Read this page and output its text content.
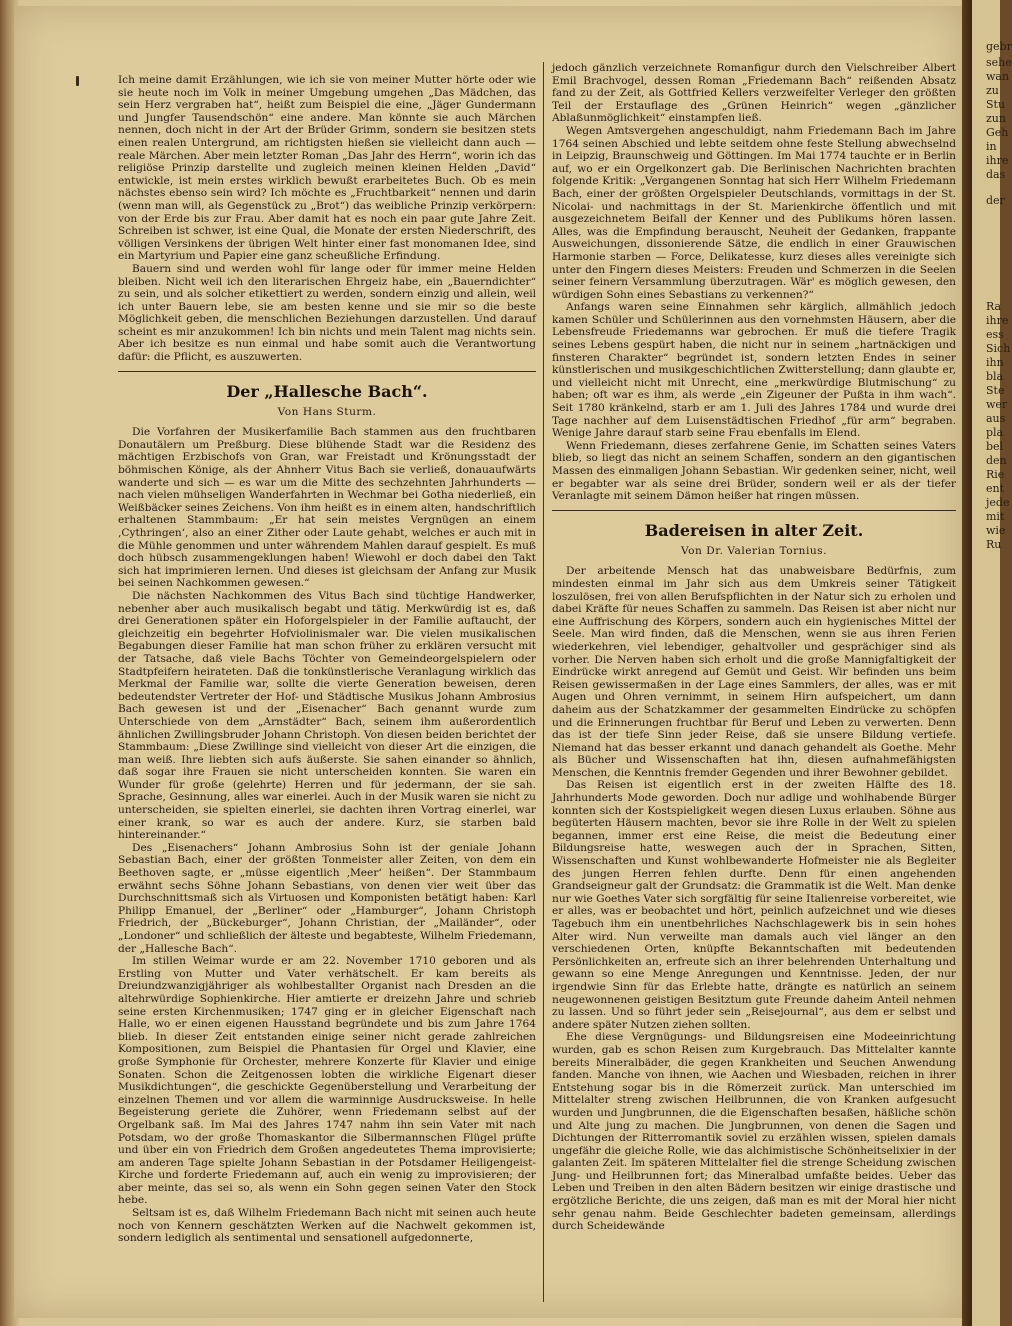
Ich meine damit Erzählungen, wie ich sie von meiner Mutter hörte oder wie sie heute noch im Volk in meiner Umgebung umgehen „Das Mädchen, das sein Herz vergraben hat“, heißt zum Beispiel die eine, „Jäger Gundermann und Jungfer Tausendschön“ eine andere. Man könnte sie auch Märchen nennen, doch nicht in der Art der Brüder Grimm, sondern sie besitzen stets einen realen Untergrund, am richtigsten hießen sie vielleicht dann auch — reale Märchen. Aber mein letzter Roman „Das Jahr des Herrn“, worin ich das religiöse Prinzip darstellte und zugleich meinen kleinen Helden „David“ entwickle, ist mein erstes wirklich bewußt erarbeitetes Buch. Ob es mein nächstes ebenso sein wird? Ich möchte es „Fruchtbarkeit“ nennen und darin (wenn man will, als Gegenstück zu „Brot“) das weibliche Prinzip verkörpern: von der Erde bis zur Frau. Aber damit hat es noch ein paar gute Jahre Zeit. Schreiben ist schwer, ist eine Qual, die Monate der ersten Niederschrift, des völligen Versinkens der übrigen Welt hinter einer fast monomanen Idee, sind ein Martyrium und Papier eine ganz scheußliche Erfindung.

Bauern sind und werden wohl für lange oder für immer meine Helden bleiben. Nicht weil ich den literarischen Ehrgeiz habe, ein „Bauerndichter“ zu sein, und als solcher etikettiert zu werden, sondern einzig und allein, weil ich unter Bauern lebe, sie am besten kenne und sie mir so die beste Möglichkeit geben, die menschlichen Beziehungen darzustellen. Und darauf scheint es mir anzukommen! Ich bin nichts und mein Talent mag nichts sein. Aber ich besitze es nun einmal und habe somit auch die Verantwortung dafür: die Pflicht, es auszuwerten.

Der „Hallesche Bach“.
Von Hans Sturm.

Die Vorfahren der Musikerfamilie Bach stammen aus den fruchtbaren Donautälern um Preßburg. Diese blühende Stadt war die Residenz des mächtigen Erzbischofs von Gran, war Freistadt und Krönungsstadt der böhmischen Könige, als der Ahnherr Vitus Bach sie verließ, donauaufwärts wanderte und sich — es war um die Mitte des sechzehnten Jahrhunderts — nach vielen mühseligen Wanderfahrten in Wechmar bei Gotha niederließ, ein Weißbäcker seines Zeichens. Von ihm heißt es in einem alten, handschriftlich erhaltenen Stammbaum: „Er hat sein meistes Vergnügen an einem ‚Cythringen‘, also an einer Zither oder Laute gehabt, welches er auch mit in die Mühle genommen und unter währendem Mahlen darauf gespielt. Es muß doch hübsch zusammengeklungen haben! Wiewohl er doch dabei den Takt sich hat imprimieren lernen. Und dieses ist gleichsam der Anfang zur Musik bei seinen Nachkommen gewesen.“

Die nächsten Nachkommen des Vitus Bach sind tüchtige Handwerker, nebenher aber auch musikalisch begabt und tätig. Merkwürdig ist es, daß drei Generationen später ein Hoforgelspieler in der Familie auftaucht, der gleichzeitig ein begehrter Hofviolinismaler war. Die vielen musikalischen Begabungen dieser Familie hat man schon früher zu erklären versucht mit der Tatsache, daß viele Bachs Töchter von Gemeindeorgelspielern oder Stadtpfeifern heirateten. Daß die tonkünstlerische Veranlagung wirklich das Merkmal der Familie war, sollte die vierte Generation beweisen, deren bedeutendster Vertreter der Hof- und Städtische Musikus Johann Ambrosius Bach gewesen ist und der „Eisenacher“ Bach genannt wurde zum Unterschiede von dem „Arnstädter“ Bach, seinem ihm außerordentlich ähnlichen Zwillingsbruder Johann Christoph. Von diesen beiden berichtet der Stammbaum: „Diese Zwillinge sind vielleicht von dieser Art die einzigen, die man weiß. Ihre liebten sich aufs äußerste. Sie sahen einander so ähnlich, daß sogar ihre Frauen sie nicht unterscheiden konnten. Sie waren ein Wunder für große (gelehrte) Herren und für jedermann, der sie sah. Sprache, Gesinnung, alles war einerlei. Auch in der Musik waren sie nicht zu unterscheiden, sie spielten einerlei, sie dachten ihren Vortrag einerlei, war einer krank, so war es auch der andere. Kurz, sie starben bald hintereinander.“

Des „Eisenachers“ Johann Ambrosius Sohn ist der geniale Johann Sebastian Bach, einer der größten Tonmeister aller Zeiten, von dem ein Beethoven sagte, er „müsse eigentlich ‚Meer‘ heißen“. Der Stammbaum erwähnt sechs Söhne Johann Sebastians, von denen vier weit über das Durchschnittsmaß sich als Virtuosen und Komponisten betätigt haben: Karl Philipp Emanuel, der „Berliner“ oder „Hamburger“, Johann Christoph Friedrich, der „Bückeburger“, Johann Christian, der „Mailänder“, oder „Londoner“ und schließlich der älteste und begabteste, Wilhelm Friedemann, der „Hallesche Bach“.

Im stillen Weimar wurde er am 22. November 1710 geboren und als Erstling von Mutter und Vater verhätschelt. Er kam bereits als Dreiundzwanzigjähriger als wohlbestallter Organist nach Dresden an die altehrwürdige Sophienkirche. Hier amtierte er dreizehn Jahre und schrieb seine ersten Kirchenmusiken; 1747 ging er in gleicher Eigenschaft nach Halle, wo er einen eigenen Hausstand begründete und bis zum Jahre 1764 blieb. In dieser Zeit entstanden einige seiner nicht gerade zahlreichen Kompositionen, zum Beispiel die Phantasien für Orgel und Klavier, eine große Symphonie für Orchester, mehrere Konzerte für Klavier und einige Sonaten. Schon die Zeitgenossen lobten die wirkliche Eigenart dieser Musikdichtungen“, die geschickte Gegenüberstellung und Verarbeitung der einzelnen Themen und vor allem die warminnige Ausdrucksweise. In helle Begeisterung geriete die Zuhörer, wenn Friedemann selbst auf der Orgelbank saß. Im Mai des Jahres 1747 nahm ihn sein Vater mit nach Potsdam, wo der große Thomaskantor die Silbermannschen Flügel prüfte und über ein von Friedrich dem Großen angedeutetes Thema improvisierte; am anderen Tage spielte Johann Sebastian in der Potsdamer Heiligengeist-Kirche und forderte Friedemann auf, auch ein wenig zu improvisieren; der aber meinte, das sei so, als wenn ein Sohn gegen seinen Vater den Stock hebe.

Seltsam ist es, daß Wilhelm Friedemann Bach nicht mit seinen auch heute noch von Kennern geschätzten Werken auf die Nachwelt gekommen ist, sondern lediglich als sentimental und sensationell aufgedonnerte,

jedoch gänzlich verzeichnete Romanfigur durch den Vielschreiber Albert Emil Brachvogel, dessen Roman „Friedemann Bach“ reißenden Absatz fand zu der Zeit, als Gottfried Kellers verzweifelter Verleger den größten Teil der Erstauflage des „Grünen Heinrich“ wegen „gänzlicher Ablaßunmöglichkeit“ einstampfen ließ.

Wegen Amtsvergehen angeschuldigt, nahm Friedemann Bach im Jahre 1764 seinen Abschied und lebte seitdem ohne feste Stellung abwechselnd in Leipzig, Braunschweig und Göttingen. Im Mai 1774 tauchte er in Berlin auf, wo er ein Orgelkonzert gab. Die Berlinischen Nachrichten brachten folgende Kritik: „Vergangenen Sonntag hat sich Herr Wilhelm Friedemann Bach, einer der größten Orgelspieler Deutschlands, vormittags in der St. Nicolai- und nachmittags in der St. Marienkirche öffentlich und mit ausgezeichnetem Beifall der Kenner und des Publikums hören lassen. Alles, was die Empfindung berauscht, Neuheit der Gedanken, frappante Ausweichungen, dissonierende Sätze, die endlich in einer Grauwischen Harmonie starben — Force, Delikatesse, kurz dieses alles vereinigte sich unter den Fingern dieses Meisters: Freuden und Schmerzen in die Seelen seiner feinern Versammlung überzutragen. Wär' es möglich gewesen, den würdigen Sohn eines Sebastians zu verkennen?“

Anfangs waren seine Einnahmen sehr kärglich, allmählich jedoch kamen Schüler und Schülerinnen aus den vornehmsten Häusern, aber die Lebensfreude Friedemanns war gebrochen. Er muß die tiefere Tragik seines Lebens gespürt haben, die nicht nur in seinem „hartnäckigen und finsteren Charakter“ begründet ist, sondern letzten Endes in seiner künstlerischen und musikgeschichtlichen Zwitterstellung; dann glaubte er, und vielleicht nicht mit Unrecht, eine „merkwürdige Blutmischung“ zu haben; oft war es ihm, als werde „ein Zigeuner der Pußta in ihm wach“. Seit 1780 kränkelnd, starb er am 1. Juli des Jahres 1784 und wurde drei Tage nachher auf dem Luisenstädtischen Friedhof „für arm“ begraben. Wenige Jahre darauf starb seine Frau ebenfalls im Elend.

Wenn Friedemann, dieses zerfahrene Genie, im Schatten seines Vaters blieb, so liegt das nicht an seinem Schaffen, sondern an den gigantischen Massen des einmaligen Johann Sebastian. Wir gedenken seiner, nicht, weil er begabter war als seine drei Brüder, sondern weil er als der tiefer Veranlagte mit seinem Dämon heißer hat ringen müssen.

Badereisen in alter Zeit.
Von Dr. Valerian Tornius.

Der arbeitende Mensch hat das unabweisbare Bedürfnis, zum mindesten einmal im Jahr sich aus dem Umkreis seiner Tätigkeit loszulösen, frei von allen Berufspflichten in der Natur sich zu erholen und dabei Kräfte für neues Schaffen zu sammeln. Das Reisen ist aber nicht nur eine Auffrischung des Körpers, sondern auch ein hygienisches Mittel der Seele. Man wird finden, daß die Menschen, wenn sie aus ihren Ferien wiederkehren, viel lebendiger, gehaltvoller und gesprächiger sind als vorher. Die Nerven haben sich erholt und die große Mannigfaltigkeit der Eindrücke wirkt anregend auf Gemüt und Geist. Wir befinden uns beim Reisen gewissermaßen in der Lage eines Sammlers, der alles, was er mit Augen und Ohren vernimmt, in seinem Hirn aufspeichert, um dann daheim aus der Schatzkammer der gesammelten Eindrücke zu schöpfen und die Erinnerungen fruchtbar für Beruf und Leben zu verwerten. Denn das ist der tiefe Sinn jeder Reise, daß sie unsere Bildung vertiefe. Niemand hat das besser erkannt und danach gehandelt als Goethe. Mehr als Bücher und Wissenschaften hat ihn, diesen aufnahmefähigsten Menschen, die Kenntnis fremder Gegenden und ihrer Bewohner gebildet.

Das Reisen ist eigentlich erst in der zweiten Hälfte des 18. Jahrhunderts Mode geworden. Doch nur adlige und wohlhabende Bürger konnten sich der Kostspieligkeit wegen diesen Luxus erlauben. Söhne aus begüterten Häusern machten, bevor sie ihre Rolle in der Welt zu spielen begannen, immer erst eine Reise, die meist die Bedeutung einer Bildungsreise hatte, weswegen auch der in Sprachen, Sitten, Wissenschaften und Kunst wohlbewanderte Hofmeister nie als Begleiter des jungen Herren fehlen durfte. Denn für einen angehenden Grandseigneur galt der Grundsatz: die Grammatik ist die Welt. Man denke nur wie Goethes Vater sich sorgfältig für seine Italienreise vorbereitet, wie er alles, was er beobachtet und hört, peinlich aufzeichnet und wie dieses Tagebuch ihm ein unentbehrliches Nachschlagewerk bis in sein hohes Alter wird. Nun verweilte man damals auch viel länger an den verschiedenen Orten, knüpfte Bekanntschaften mit bedeutenden Persönlichkeiten an, erfreute sich an ihrer belehrenden Unterhaltung und gewann so eine Menge Anregungen und Kenntnisse. Jeden, der nur irgendwie Sinn für das Erlebte hatte, drängte es natürlich an seinem neugewonnenen geistigen Besitztum gute Freunde daheim Anteil nehmen zu lassen. Und so führt jeder sein „Reisejournal“, aus dem er selbst und andere später Nutzen ziehen sollten.

Ehe diese Vergnügungs- und Bildungsreisen eine Modeeinrichtung wurden, gab es schon Reisen zum Kurgebrauch. Das Mittelalter kannte bereits Mineralbäder, die gegen Krankheiten und Seuchen Anwendung fanden. Manche von ihnen, wie Aachen und Wiesbaden, reichen in ihrer Entstehung sogar bis in die Römerzeit zurück. Man unterschied im Mittelalter streng zwischen Heilbrunnen, die von Kranken aufgesucht wurden und Jungbrunnen, die die Eigenschaften besaßen, häßliche schön und Alte jung zu machen. Die Jungbrunnen, von denen die Sagen und Dichtungen der Ritterromantik soviel zu erzählen wissen, spielen damals ungefähr die gleiche Rolle, wie das alchimistische Schönheitselixier in der galanten Zeit. Im späteren Mittelalter fiel die strenge Scheidung zwischen Jung- und Heilbrunnen fort; das Mineralbad umfaßte beides. Ueber das Leben und Treiben in den alten Bädern besitzen wir einige drastische und ergötzliche Berichte, die uns zeigen, daß man es mit der Moral hier nicht sehr genau nahm. Beide Geschlechter badeten gemeinsam, allerdings durch Scheidewände

gebr
sehe
wan
zu
Stu
zun
Geh
in
ihre
das
der
Ra
ihre
ess
Sich
ihn
bla
Ste
wer
aus
pla
bel
den
Rie
ent
jede
mit
wie
Ru
